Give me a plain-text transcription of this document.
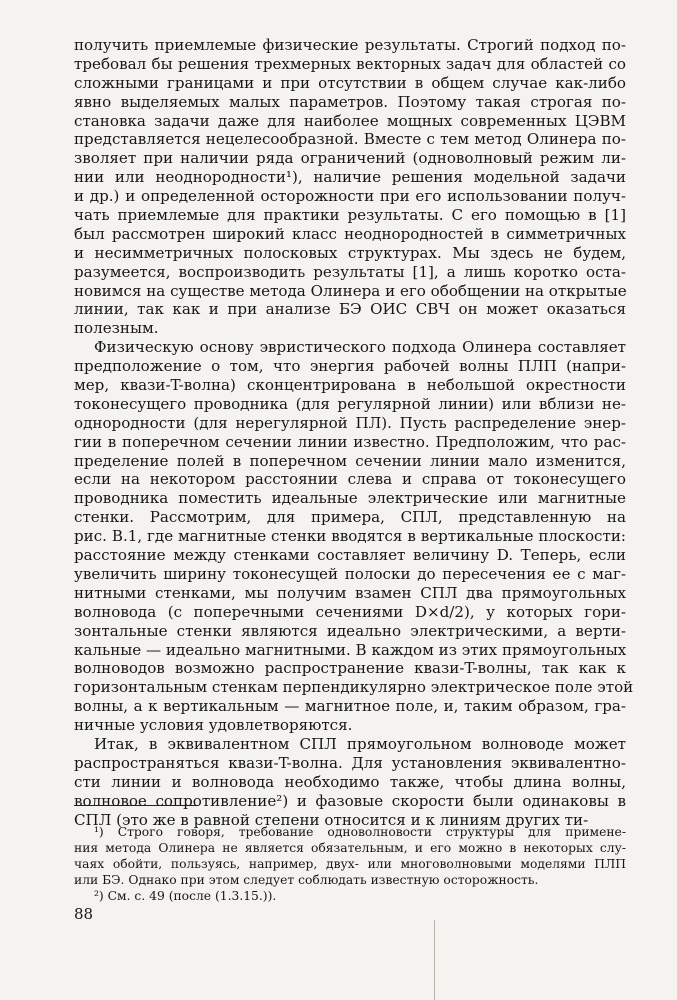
получить приемлемые физические результаты. Строгий подход по-
требовал бы решения трехмерных векторных задач для областей со
сложными границами и при отсутствии в общем случае как-либо
явно выделяемых малых параметров. Поэтому такая строгая по-
становка задачи даже для наиболее мощных современных ЦЭВМ
представляется нецелесообразной. Вместе с тем метод Олинера по-
зволяет при наличии ряда ограничений (одноволновый режим ли-
нии или неоднородности¹), наличие решения модельной задачи
и др.) и определенной осторожности при его использовании получ-
чать приемлемые для практики результаты. С его помощью в [1]
был рассмотрен широкий класс неоднородностей в симметричных
и несимметричных полосковых структурах. Мы здесь не будем,
разумеется, воспроизводить результаты [1], а лишь коротко оста-
новимся на существе метода Олинера и его обобщении на открытые
линии, так как и при анализе БЭ ОИС СВЧ он может оказаться
полезным.

Физическую основу эвристического подхода Олинера составляет
предположение о том, что энергия рабочей волны ПЛП (напри-
мер, квази-T-волна) сконцентрирована в небольшой окрестности
токонесущего проводника (для регулярной линии) или вблизи не-
однородности (для нерегулярной ПЛ). Пусть распределение энер-
гии в поперечном сечении линии известно. Предположим, что рас-
пределение полей в поперечном сечении линии мало изменится,
если на некотором расстоянии слева и справа от токонесущего
проводника поместить идеальные электрические или магнитные
стенки. Рассмотрим, для примера, СПЛ, представленную на
рис. В.1, где магнитные стенки вводятся в вертикальные плоскости:
расстояние между стенками составляет величину D. Теперь, если
увеличить ширину токонесущей полоски до пересечения ее с маг-
нитными стенками, мы получим взамен СПЛ два прямоугольных
волновода (с поперечными сечениями D×d/2), у которых гори-
зонтальные стенки являются идеально электрическими, а верти-
кальные — идеально магнитными. В каждом из этих прямоугольных
волноводов возможно распространение квази-T-волны, так как к
горизонтальным стенкам перпендикулярно электрическое поле этой
волны, а к вертикальным — магнитное поле, и, таким образом, гра-
ничные условия удовлетворяются.

Итак, в эквивалентном СПЛ прямоугольном волноводе может
распространяться квази-T-волна. Для установления эквивалентно-
сти линии и волновода необходимо также, чтобы длина волны,
волновое сопротивление²) и фазовые скорости были одинаковы в
СПЛ (это же в равной степени относится и к линиям других ти-

¹) Строго говоря, требование одноволновости структуры для примене-
ния метода Олинера не является обязательным, и его можно в некоторых слу-
чаях обойти, пользуясь, например, двух- или многоволновыми моделями ПЛП
или БЭ. Однако при этом следует соблюдать известную осторожность.

²) См. с. 49 (после (1.3.15.)).

88
